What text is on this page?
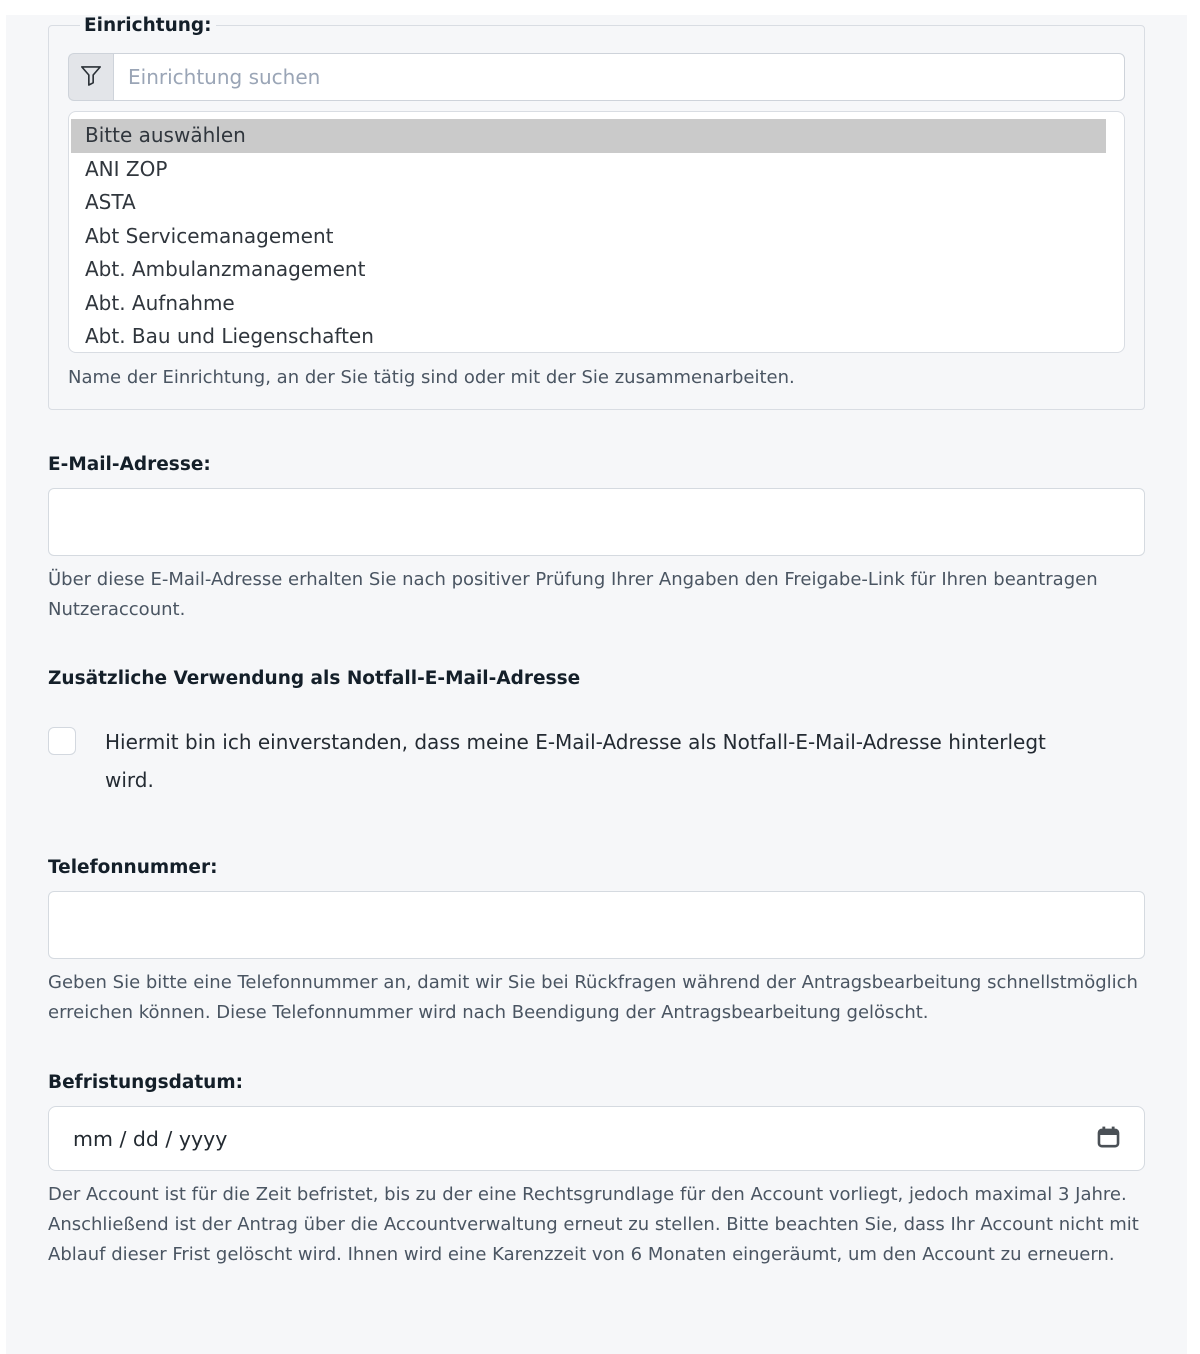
Einrichtung:
Einrichtung suchen
Bitte auswählen
ANI ZOP
ASTA
Abt Servicemanagement
Abt. Ambulanzmanagement
Abt. Aufnahme
Abt. Bau und Liegenschaften
Name der Einrichtung, an der Sie tätig sind oder mit der Sie zusammenarbeiten.
E-Mail-Adresse:
Über diese E-Mail-Adresse erhalten Sie nach positiver Prüfung Ihrer Angaben den Freigabe-Link für Ihren beantragen Nutzeraccount.
Zusätzliche Verwendung als Notfall-E-Mail-Adresse
Hiermit bin ich einverstanden, dass meine E-Mail-Adresse als Notfall-E-Mail-Adresse hinterlegt wird.
Telefonnummer:
Geben Sie bitte eine Telefonnummer an, damit wir Sie bei Rückfragen während der Antragsbearbeitung schnellstmöglich erreichen können. Diese Telefonnummer wird nach Beendigung der Antragsbearbeitung gelöscht.
Befristungsdatum:
mm / dd / yyyy
Der Account ist für die Zeit befristet, bis zu der eine Rechtsgrundlage für den Account vorliegt, jedoch maximal 3 Jahre. Anschließend ist der Antrag über die Accountverwaltung erneut zu stellen. Bitte beachten Sie, dass Ihr Account nicht mit Ablauf dieser Frist gelöscht wird. Ihnen wird eine Karenzzeit von 6 Monaten eingeräumt, um den Account zu erneuern.
